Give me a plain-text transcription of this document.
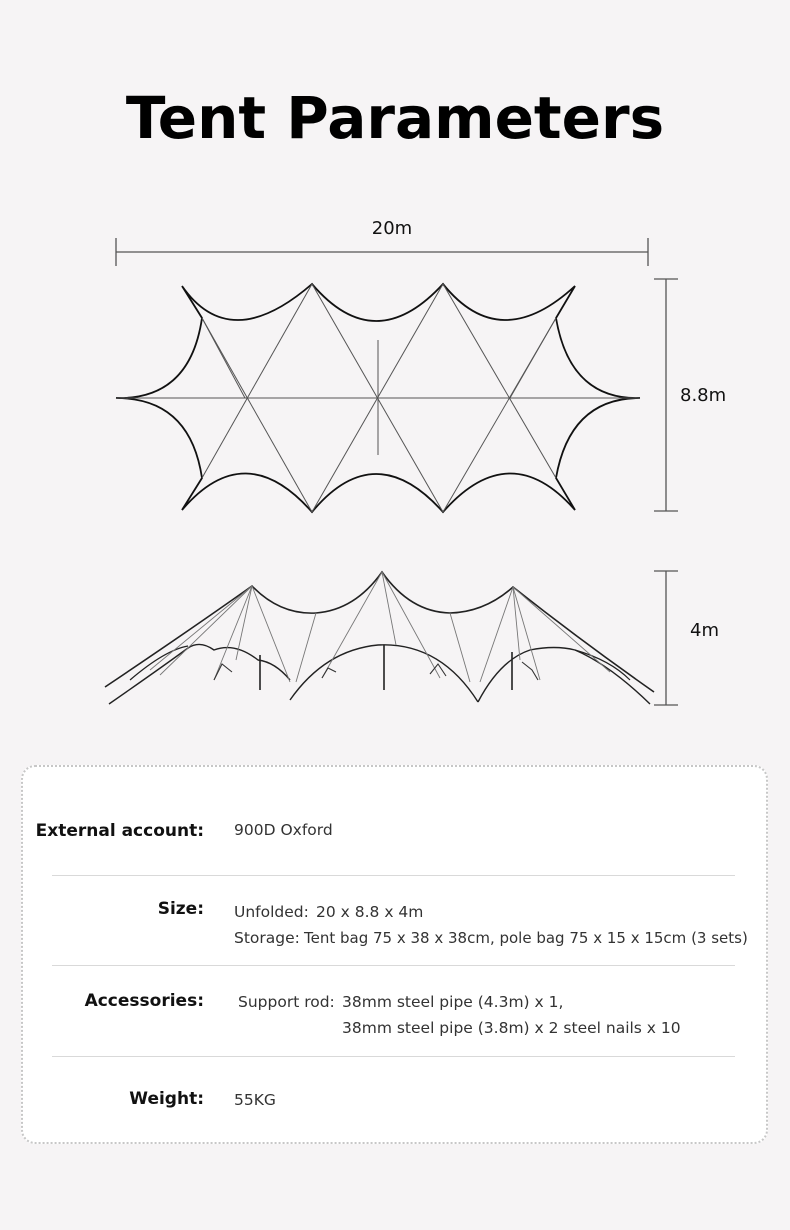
Tent Parameters
20m
8.8m
4m
External account: 900D Oxford
Size: Unfolded: 20 x 8.8 x 4m
Storage: Tent bag 75 x 38 x 38cm, pole bag 75 x 15 x 15cm (3 sets)
Accessories: Support rod: 38mm steel pipe (4.3m) x 1,
38mm steel pipe (3.8m) x 2 steel nails x 10
Weight: 55KG
